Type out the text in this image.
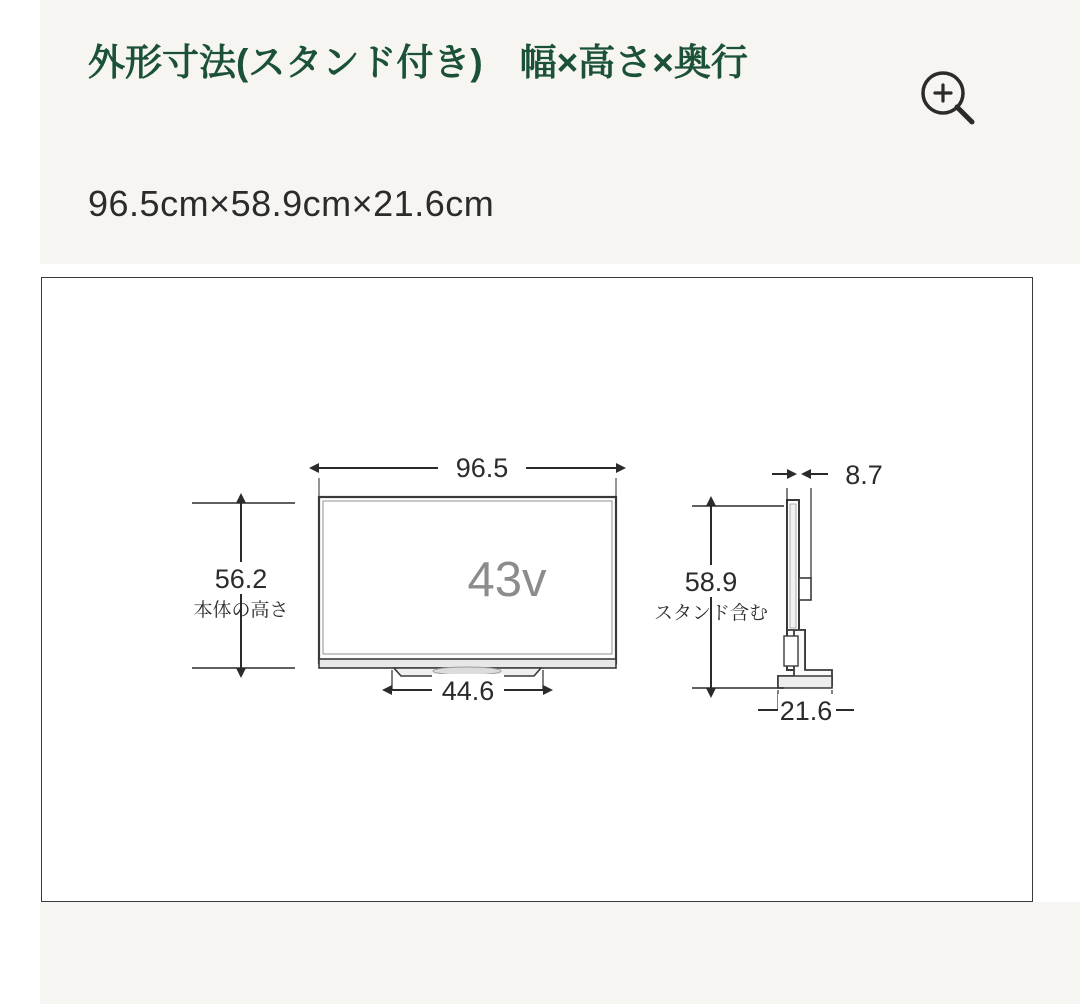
外形寸法(スタンド付き)　幅×高さ×奥行
96.5cm×58.9cm×21.6cm
43v
96.5
56.2
本体の高さ
44.6
58.9
スタンド含む
8.7
21.6
